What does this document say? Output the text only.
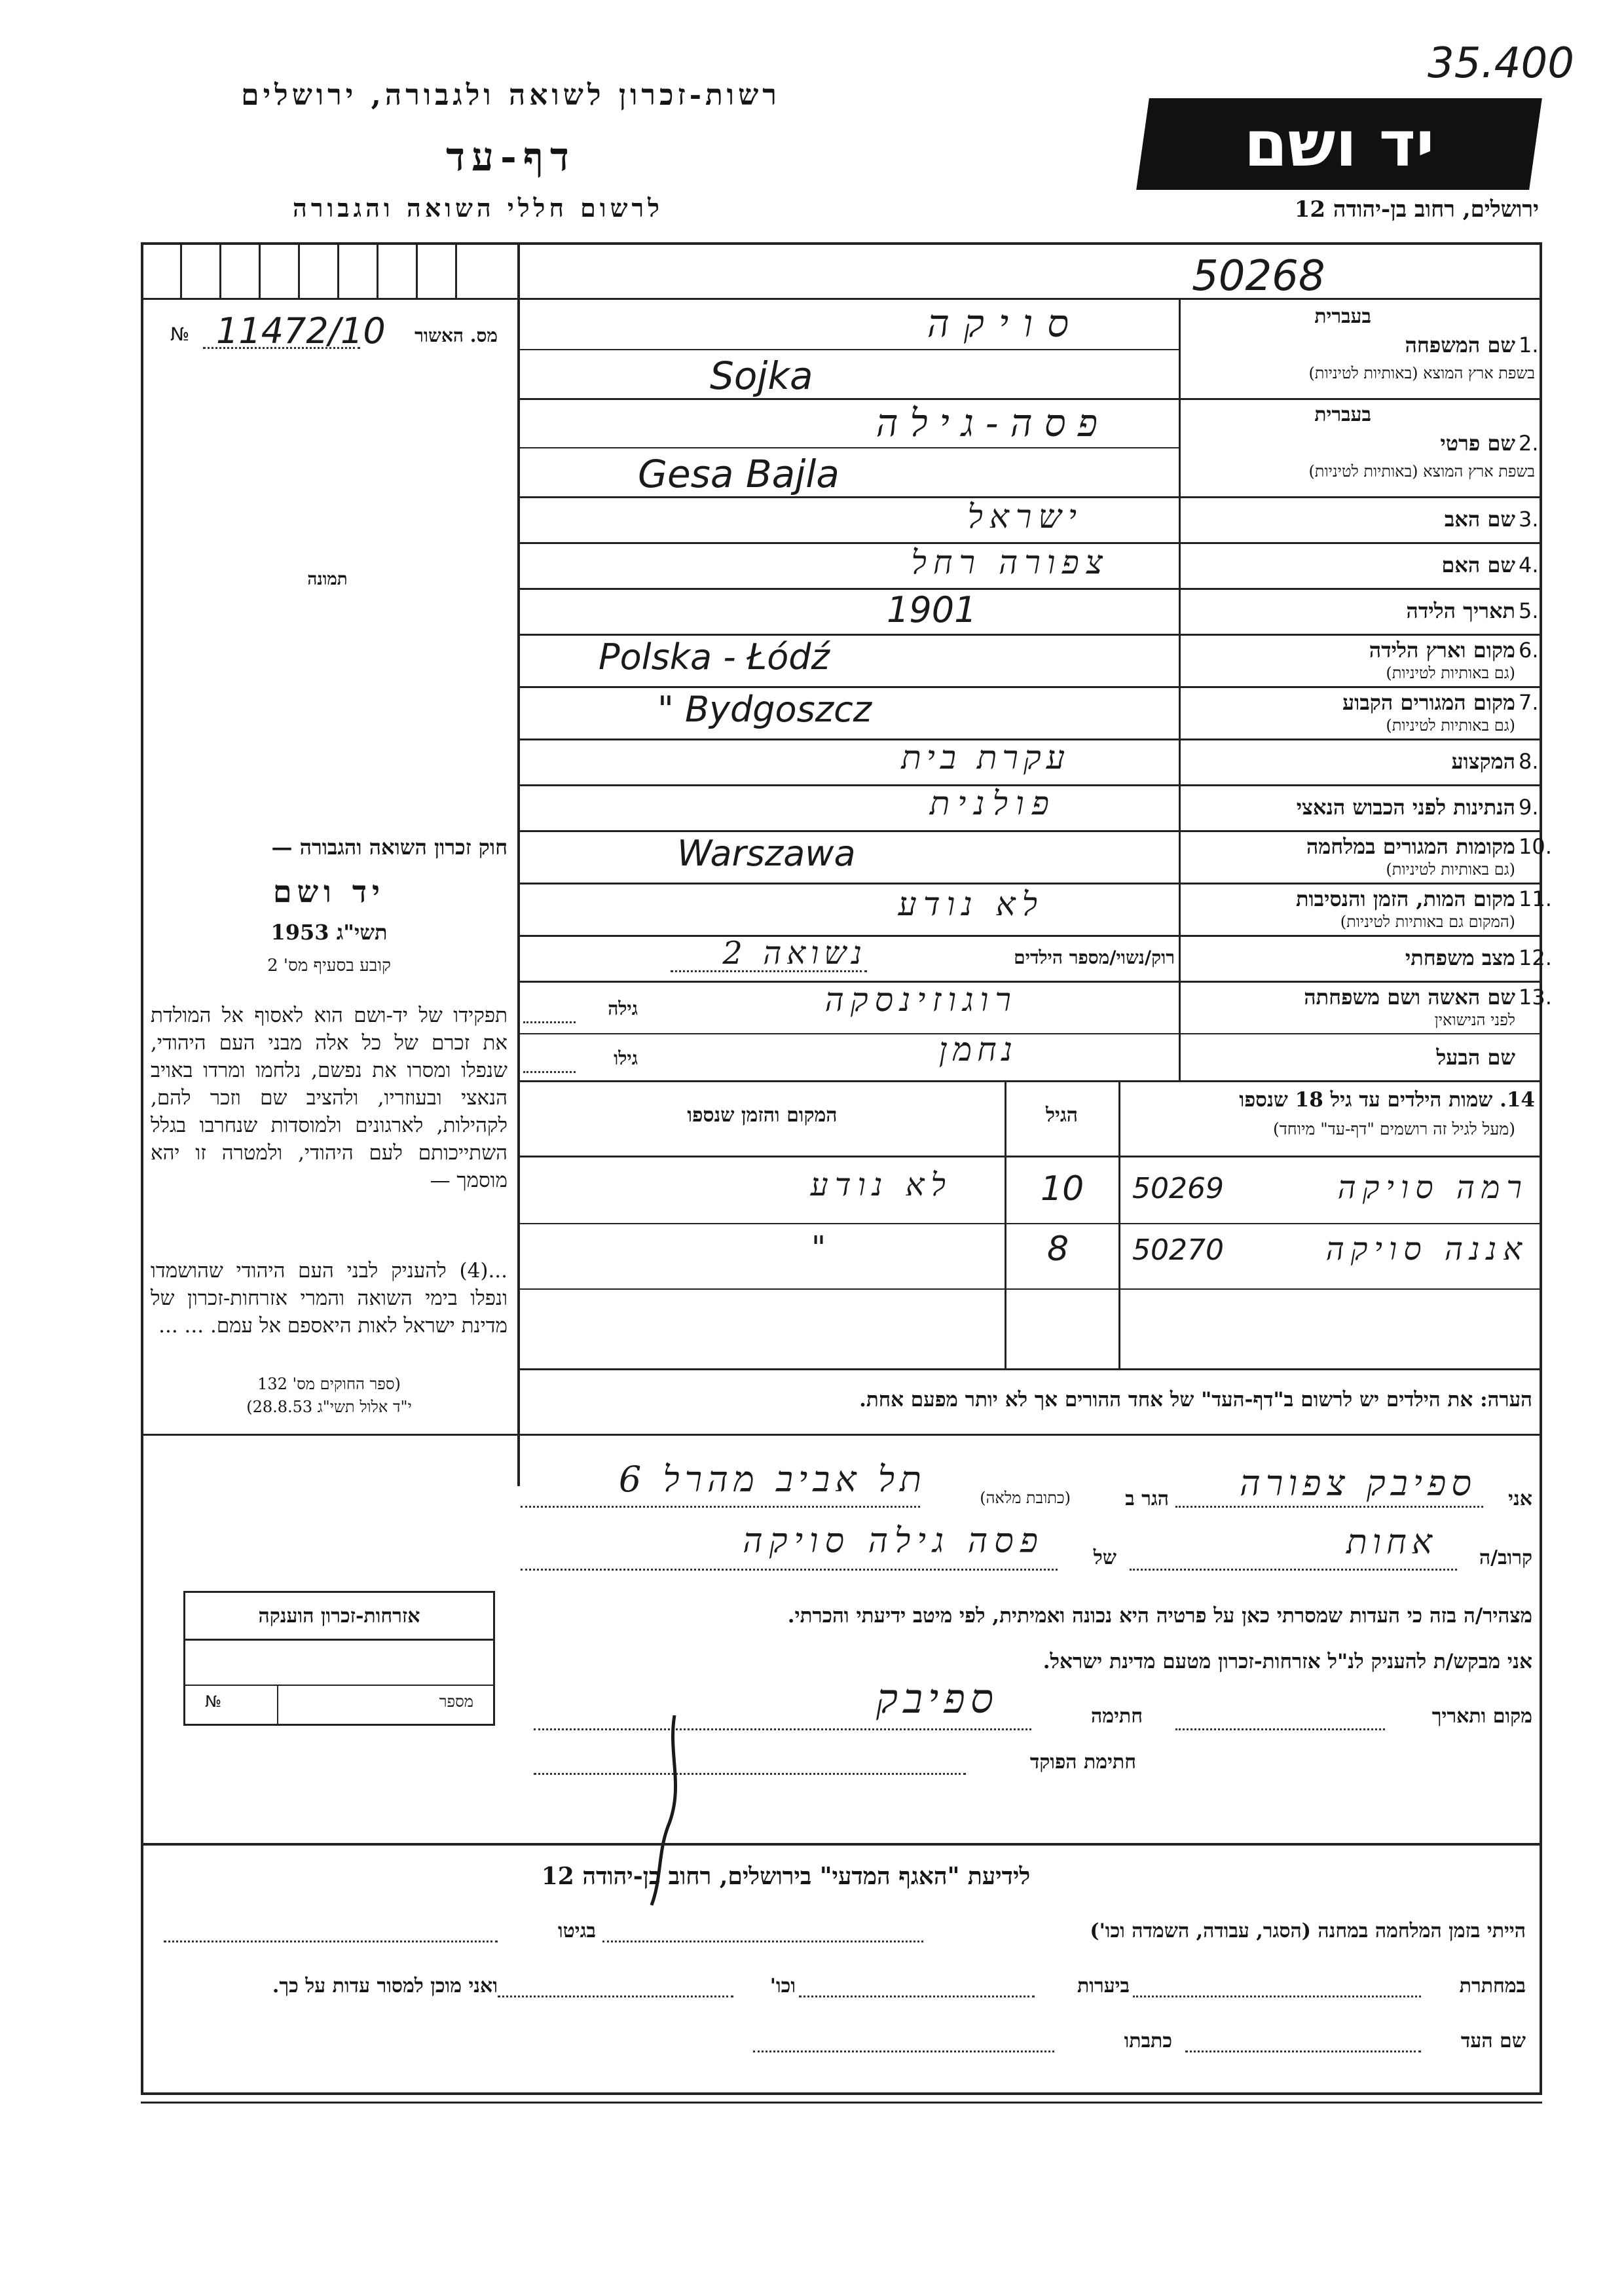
רשות-זכרון לשואה ולגבורה, ירושלים
דף-עד
לרשום חללי השואה והגבורה
יד ושם
ירושלים, רחוב בן-יהודה 12
35.400
50268
№ 11472/10	מס. האשור
תמונה
חוק זכרון השואה והגבורה —
יד ושם
תשי"ג 1953
קובע בסעיף מס' 2
תפקידו של יד-ושם הוא לאסוף אל המולדת את זכרם של כל אלה מבני העם היהודי, שנפלו ומסרו את נפשם, נלחמו ומרדו באויב הנאצי ובעוזריו, ולהציב שם וזכר להם, לקהילות, לארגונים ולמוסדות שנחרבו בגלל השתייכותם לעם היהודי, ולמטרה זו יהא מוסמך —
...(4) להעניק לבני העם היהודי שהושמדו ונפלו בימי השואה והמרי אזרחות-זכרון של מדינת ישראל לאות היאספם אל עמם. ... ...
(ספר החוקים מס' 132
י"ד אלול תשי"ג 28.8.53)
אזרחות-זכרון הוענקה
№	מספר
סויקה
Sojka
בעברית
שם המשפחה 1.
בשפת ארץ המוצא (באותיות לטיניות)
פסה-גילה
Gesa Bajla
בעברית
שם פרטי 2.
בשפת ארץ המוצא (באותיות לטיניות)
ישראל	שם האב 3.
צפורה רחל	שם האם 4.
1901	תאריך הלידה 5.
Polska - Łódź	מקום וארץ הלידה 6.
(גם באותיות לטיניות)
" Bydgoszcz	מקום המגורים הקבוע 7.
(גם באותיות לטיניות)
עקרת בית	המקצוע 8.
פולנית	הנתינות לפני הכבוש הנאצי 9.
Warszawa	מקומות המגורים במלחמה 10.
(גם באותיות לטיניות)
לא נודע	מקום המות, הזמן והנסיבות 11.
(המקום גם באותיות לטיניות)
נשואה 2	רוק/נשוי/מספר הילדים	מצב משפחתי 12.
רוגוזינסקה
גילה	שם האשה ושם משפחתה 13.
לפני הנישואין
נחמן
גילו	שם הבעל
14. שמות הילדים עד גיל 18 שנספו
(מעל לגיל זה רושמים "דף-עד" מיוחד)
הגיל
המקום והזמן שנספו
רמה סויקה
50269
10
לא נודע
אננה סויקה
50270
8
"
הערה: את הילדים יש לרשום ב"דף-העד" של אחד ההורים אך לא יותר מפעם אחת.
אני
ספיבק צפורה
הגר ב
(כתובת מלאה)
תל אביב מהרל 6
קרוב/ה
אחות
של
פסה גילה סויקה
מצהיר/ה בזה כי העדות שמסרתי כאן על פרטיה היא נכונה ואמיתית, לפי מיטב ידיעתי והכרתי.
אני מבקש/ת להעניק לנ"ל אזרחות-זכרון מטעם מדינת ישראל.
מקום ותאריך
חתימה
ספיבק
חתימת הפוקד
לידיעת "האגף המדעי" בירושלים, רחוב בן-יהודה 12
הייתי בזמן המלחמה במחנה (הסגר, עבודה, השמדה וכו')
בגיטו
במחתרת
ביערות
וכו'
ואני מוכן למסור עדות על כך.
שם העד
כתבתו
